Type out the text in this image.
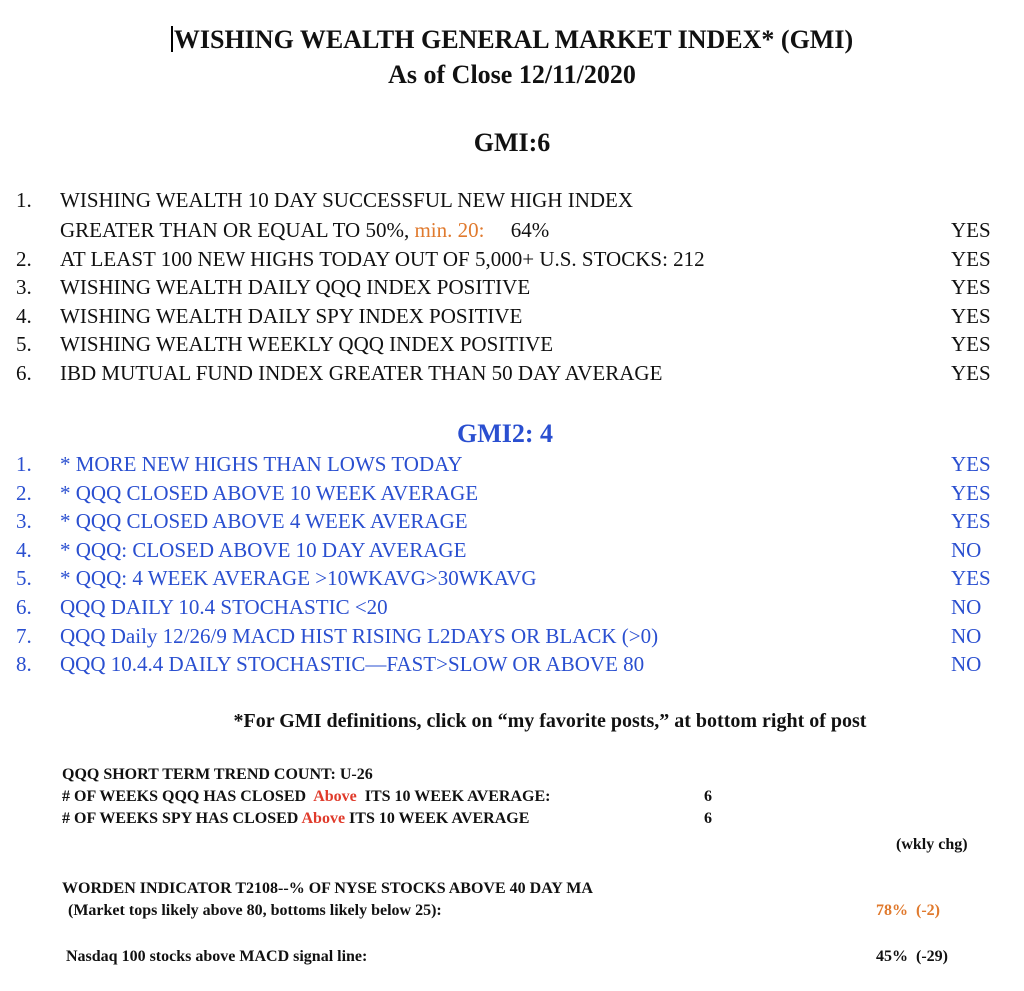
WISHING WEALTH GENERAL MARKET INDEX* (GMI)
As of Close 12/11/2020
GMI:6
1. WISHING WEALTH 10 DAY SUCCESSFUL NEW HIGH INDEX
GREATER THAN OR EQUAL TO 50%, min. 20: 64%	YES
2. AT LEAST 100 NEW HIGHS TODAY OUT OF 5,000+ U.S. STOCKS: 212	YES
3. WISHING WEALTH DAILY QQQ INDEX POSITIVE	YES
4. WISHING WEALTH DAILY SPY INDEX POSITIVE	YES
5. WISHING WEALTH WEEKLY QQQ INDEX POSITIVE	YES
6. IBD MUTUAL FUND INDEX GREATER THAN 50 DAY AVERAGE	YES
GMI2: 4
1. * MORE NEW HIGHS THAN LOWS TODAY	YES
2. * QQQ CLOSED ABOVE 10 WEEK AVERAGE	YES
3. * QQQ CLOSED ABOVE 4 WEEK AVERAGE	YES
4. * QQQ: CLOSED ABOVE 10 DAY AVERAGE	NO
5. * QQQ: 4 WEEK AVERAGE >10WKAVG>30WKAVG	YES
6. QQQ DAILY 10.4 STOCHASTIC <20	NO
7. QQQ Daily 12/26/9 MACD HIST RISING L2DAYS OR BLACK (>0)	NO
8. QQQ 10.4.4 DAILY STOCHASTIC—FAST>SLOW OR ABOVE 80	NO
*For GMI definitions, click on “my favorite posts,” at bottom right of post
QQQ SHORT TERM TREND COUNT: U-26
# OF WEEKS QQQ HAS CLOSED Above ITS 10 WEEK AVERAGE:	6
# OF WEEKS SPY HAS CLOSED Above ITS 10 WEEK AVERAGE	6
(wkly chg)
WORDEN INDICATOR T2108--% OF NYSE STOCKS ABOVE 40 DAY MA
(Market tops likely above 80, bottoms likely below 25):	78% (-2)
Nasdaq 100 stocks above MACD signal line:	45% (-29)
